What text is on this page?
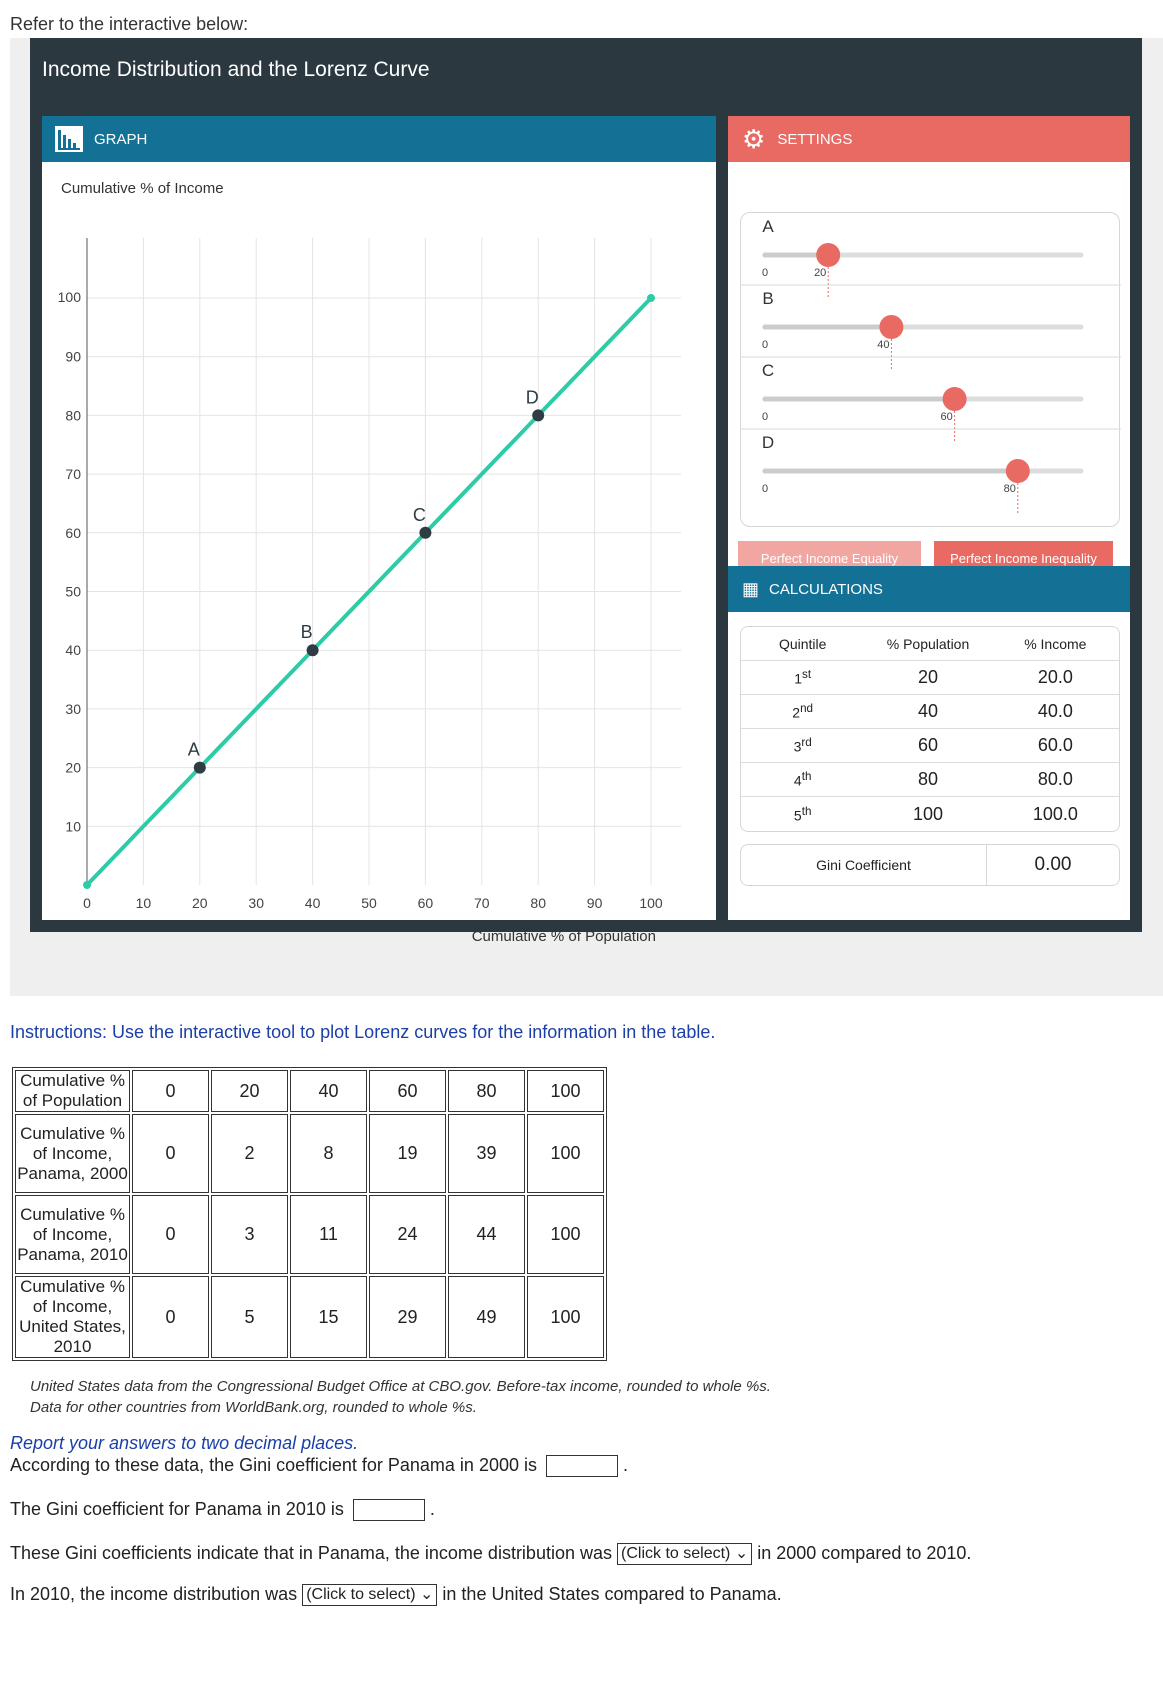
Refer to the interactive below:
Income Distribution and the Lorenz Curve
GRAPH
Cumulative % of Income
100
90
80
70
60
50
40
30
20
10
0	10	20	30	40	50	60	70	80	90	100
Cumulative % of Population
A
B
C
D
⚙ SETTINGS
A
0	20
B
0	40
C
0	60
D
0	80
Perfect Income Equality	Perfect Income Inequality
▦ CALCULATIONS
Quintile	% Population	% Income
1st	20	20.0
2nd	40	40.0
3rd	60	60.0
4th	80	80.0
5th	100	100.0
Gini Coefficient	0.00
Instructions: Use the interactive tool to plot Lorenz curves for the information in the table.
Cumulative % of Population	0	20	40	60	80	100
Cumulative % of Income, Panama, 2000	0	2	8	19	39	100
Cumulative % of Income, Panama, 2010	0	3	11	24	44	100
Cumulative % of Income, United States, 2010	0	5	15	29	49	100
United States data from the Congressional Budget Office at CBO.gov. Before-tax income, rounded to whole %s.
Data for other countries from WorldBank.org, rounded to whole %s.
Report your answers to two decimal places.
According to these data, the Gini coefficient for Panama in 2000 is	.
The Gini coefficient for Panama in 2010 is	.
These Gini coefficients indicate that in Panama, the income distribution was (Click to select) ⌄ in 2000 compared to 2010.
In 2010, the income distribution was (Click to select) ⌄ in the United States compared to Panama.
